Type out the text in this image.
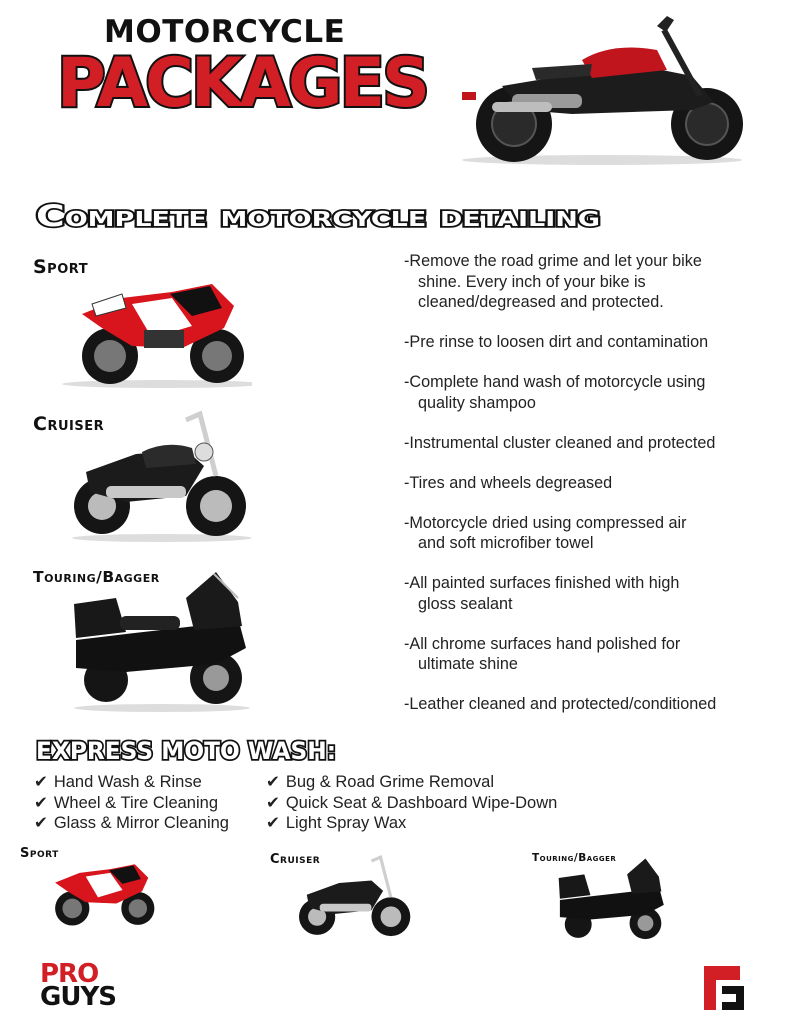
MOTORCYCLE
PACKAGES
Complete motorcycle detailing
Sport
Cruiser
Touring/Bagger
-Remove the road grime and let your bike
shine. Every inch of your bike is
cleaned/degreased and protected.
-Pre rinse to loosen dirt and contamination
-Complete hand wash of motorcycle using
quality shampoo
-Instrumental cluster cleaned and protected
-Tires and wheels degreased
-Motorcycle dried using compressed air
and soft microfiber towel
-All painted surfaces finished with high
gloss sealant
-All chrome surfaces hand polished for
ultimate shine
-Leather cleaned and protected/conditioned
EXPRESS MOTO WASH:
✔ Hand Wash & Rinse
✔ Wheel & Tire Cleaning
✔ Glass & Mirror Cleaning
✔ Bug & Road Grime Removal
✔ Quick Seat & Dashboard Wipe-Down
✔ Light Spray Wax
Sport	Cruiser	Touring/Bagger
PRO
GUYS
